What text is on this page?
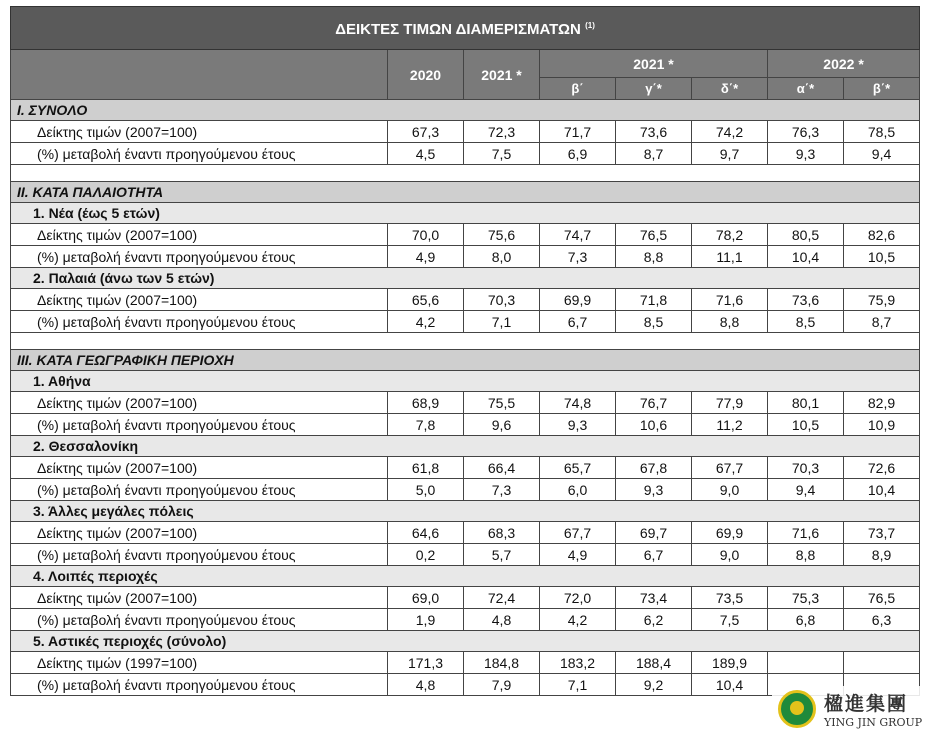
ΔΕΙΚΤΕΣ ΤΙΜΩΝ ΔΙΑΜΕΡΙΣΜΑΤΩΝ $^{(1)}$
	2020	2021 *	2021 *			2022 *	
			β΄	γ΄*	δ΄*	α΄*	β΄*
I. ΣΥΝΟΛΟ							
Δείκτης τιμών (2007=100)	67,3	72,3	71,7	73,6	74,2	76,3	78,5
(%) μεταβολή έναντι προηγούμενου έτους	4,5	7,5	6,9	8,7	9,7	9,3	9,4

II. ΚΑΤΑ ΠΑΛΑΙΟΤΗΤΑ							
1. Νέα (έως 5 ετών)							
Δείκτης τιμών (2007=100)	70,0	75,6	74,7	76,5	78,2	80,5	82,6
(%) μεταβολή έναντι προηγούμενου έτους	4,9	8,0	7,3	8,8	11,1	10,4	10,5
2. Παλαιά (άνω των 5 ετών)							
Δείκτης τιμών (2007=100)	65,6	70,3	69,9	71,8	71,6	73,6	75,9
(%) μεταβολή έναντι προηγούμενου έτους	4,2	7,1	6,7	8,5	8,8	8,5	8,7

III. ΚΑΤΑ ΓΕΩΓΡΑΦΙΚΗ ΠΕΡΙΟΧΗ							
1. Αθήνα							
Δείκτης τιμών (2007=100)	68,9	75,5	74,8	76,7	77,9	80,1	82,9
(%) μεταβολή έναντι προηγούμενου έτους	7,8	9,6	9,3	10,6	11,2	10,5	10,9
2. Θεσσαλονίκη							
Δείκτης τιμών (2007=100)	61,8	66,4	65,7	67,8	67,7	70,3	72,6
(%) μεταβολή έναντι προηγούμενου έτους	5,0	7,3	6,0	9,3	9,0	9,4	10,4
3. Άλλες μεγάλες πόλεις							
Δείκτης τιμών (2007=100)	64,6	68,3	67,7	69,7	69,9	71,6	73,7
(%) μεταβολή έναντι προηγούμενου έτους	0,2	5,7	4,9	6,7	9,0	8,8	8,9
4. Λοιπές περιοχές							
Δείκτης τιμών (2007=100)	69,0	72,4	72,0	73,4	73,5	75,3	76,5
(%) μεταβολή έναντι προηγούμενου έτους	1,9	4,8	4,2	6,2	7,5	6,8	6,3
5. Αστικές περιοχές (σύνολο)							
Δείκτης τιμών (1997=100)	171,3	184,8	183,2	188,4	189,9		
(%) μεταβολή έναντι προηγούμενου έτους	4,8	7,9	7,1	9,2	10,4		
楹進集團
YING JIN GROUP
